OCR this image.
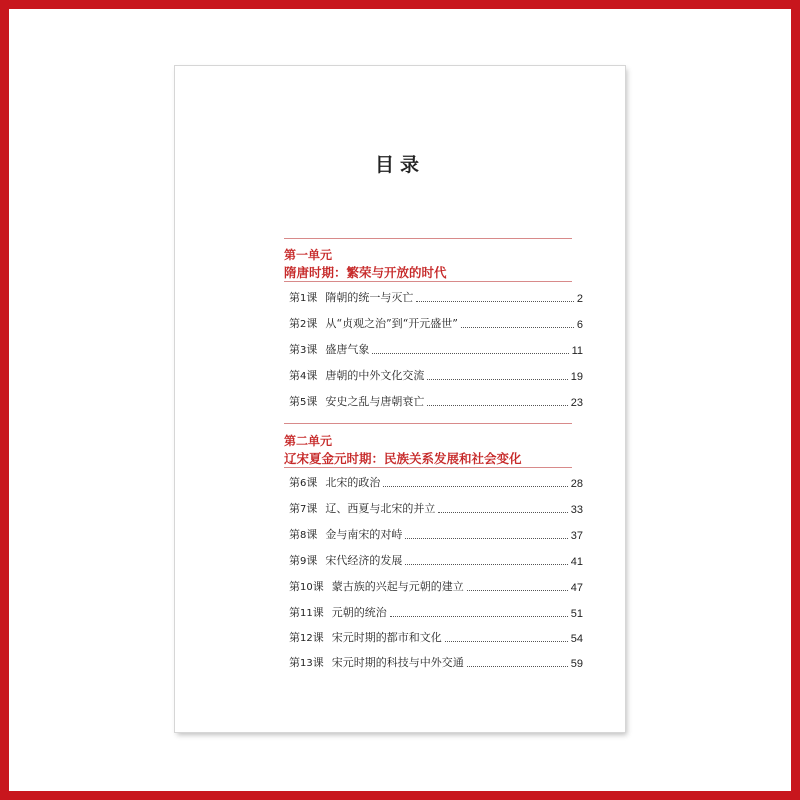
目录
第一单元
隋唐时期：繁荣与开放的时代
第1课 隋朝的统一与灭亡	2
第2课 从“贞观之治”到“开元盛世”	6
第3课 盛唐气象	11
第4课 唐朝的中外文化交流	19
第5课 安史之乱与唐朝衰亡	23
第二单元
辽宋夏金元时期：民族关系发展和社会变化
第6课 北宋的政治	28
第7课 辽、西夏与北宋的并立	33
第8课 金与南宋的对峙	37
第9课 宋代经济的发展	41
第10课 蒙古族的兴起与元朝的建立	47
第11课 元朝的统治	51
第12课 宋元时期的都市和文化	54
第13课 宋元时期的科技与中外交通	59
